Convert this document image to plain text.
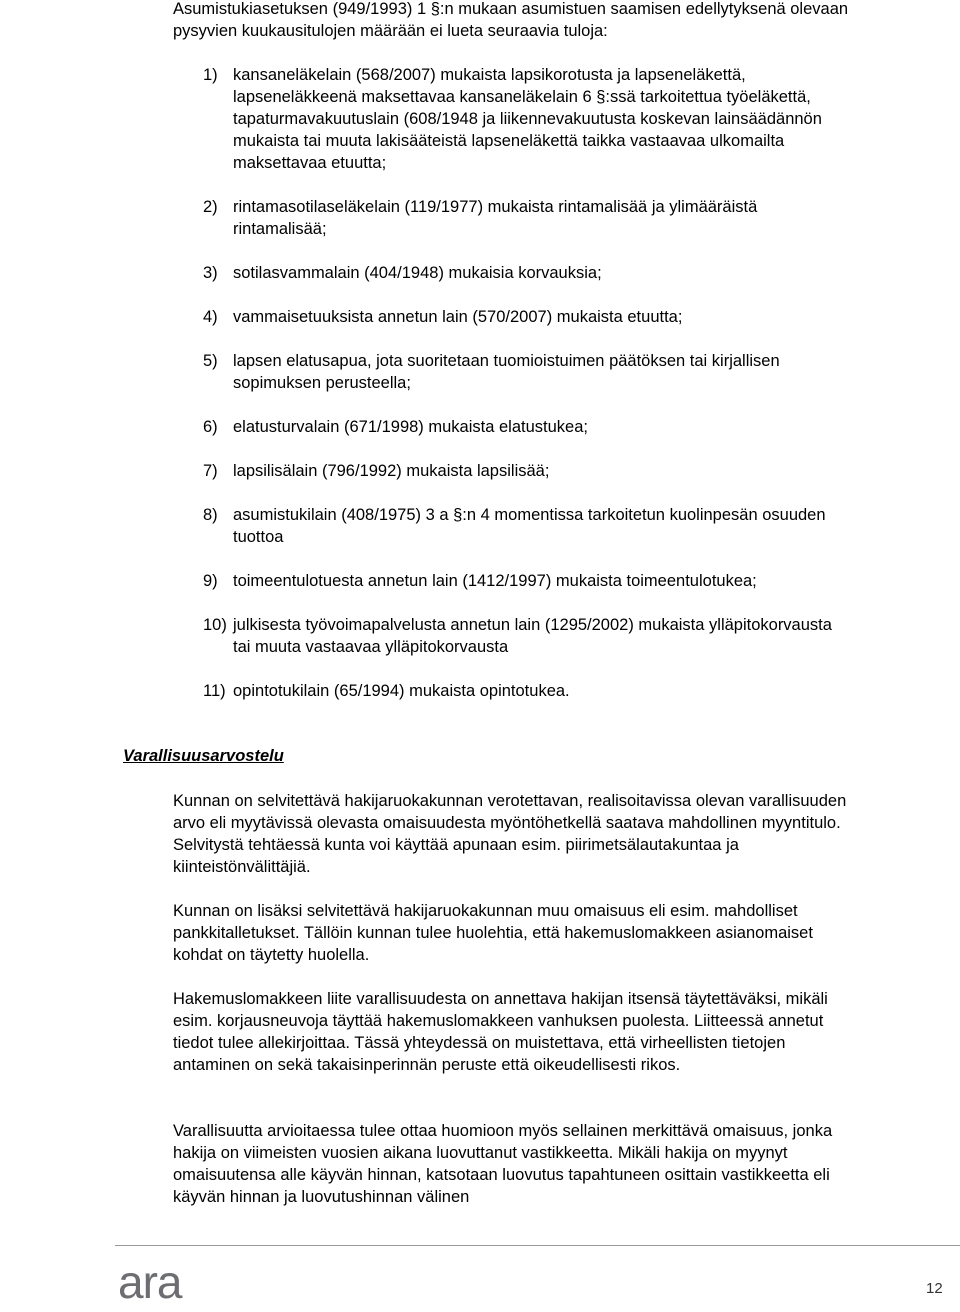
Asumistukiasetuksen (949/1993) 1 §:n mukaan asumistuen saamisen edellytyksenä olevaan pysyvien kuukausitulojen määrään ei lueta seuraavia tuloja:
1) kansaneläkelain (568/2007) mukaista lapsikorotusta ja lapseneläkettä, lapseneläkkeenä maksettavaa kansaneläkelain 6 §:ssä tarkoitettua työeläkettä, tapaturmavakuutuslain (608/1948 ja liikennevakuutusta koskevan lainsäädännön mukaista tai muuta lakisääteistä lapseneläkettä taikka vastaavaa ulkomailta maksettavaa etuutta;
2) rintamasotilaseläkelain (119/1977) mukaista rintamalisää ja ylimääräistä rintamalisää;
3) sotilasvammalain (404/1948) mukaisia korvauksia;
4) vammaisetuuksista annetun lain (570/2007) mukaista etuutta;
5) lapsen elatusapua, jota suoritetaan tuomioistuimen päätöksen tai kirjallisen sopimuksen perusteella;
6) elatusturvalain (671/1998) mukaista elatustukea;
7) lapsilisälain (796/1992) mukaista lapsilisää;
8) asumistukilain (408/1975) 3 a §:n 4 momentissa tarkoitetun kuolinpesän osuuden tuottoa
9) toimeentulotuesta annetun lain (1412/1997) mukaista toimeentulotukea;
10) julkisesta työvoimapalvelusta annetun lain (1295/2002) mukaista ylläpitokorvausta tai muuta vastaavaa ylläpitokorvausta
11) opintotukilain (65/1994) mukaista opintotukea.
Varallisuusarvostelu
Kunnan on selvitettävä hakijaruokakunnan verotettavan, realisoitavissa olevan varallisuuden arvo eli myytävissä olevasta omaisuudesta myöntöhetkellä saatava mahdollinen myyntitulo. Selvitystä tehtäessä kunta voi käyttää apunaan esim. piirimetsälautakuntaa ja kiinteistönvälittäjiä.
Kunnan on lisäksi selvitettävä hakijaruokakunnan muu omaisuus eli esim. mahdolliset pankkitalletukset. Tällöin kunnan tulee huolehtia, että hakemuslomakkeen asianomaiset kohdat on täytetty huolella.
Hakemuslomakkeen liite varallisuudesta on annettava hakijan itsensä täytettäväksi, mikäli esim. korjausneuvoja täyttää hakemuslomakkeen vanhuksen puolesta. Liitteessä annetut tiedot tulee allekirjoittaa. Tässä yhteydessä on muistettava, että virheellisten tietojen antaminen on sekä takaisinperinnän peruste että oikeudellisesti rikos.
Varallisuutta arvioitaessa tulee ottaa huomioon myös sellainen merkittävä omaisuus, jonka hakija on viimeisten vuosien aikana luovuttanut vastikkeetta. Mikäli hakija on myynyt omaisuutensa alle käyvän hinnan, katsotaan luovutus tapahtuneen osittain vastikkeetta eli käyvän hinnan ja luovutushinnan välinen
ara	12
